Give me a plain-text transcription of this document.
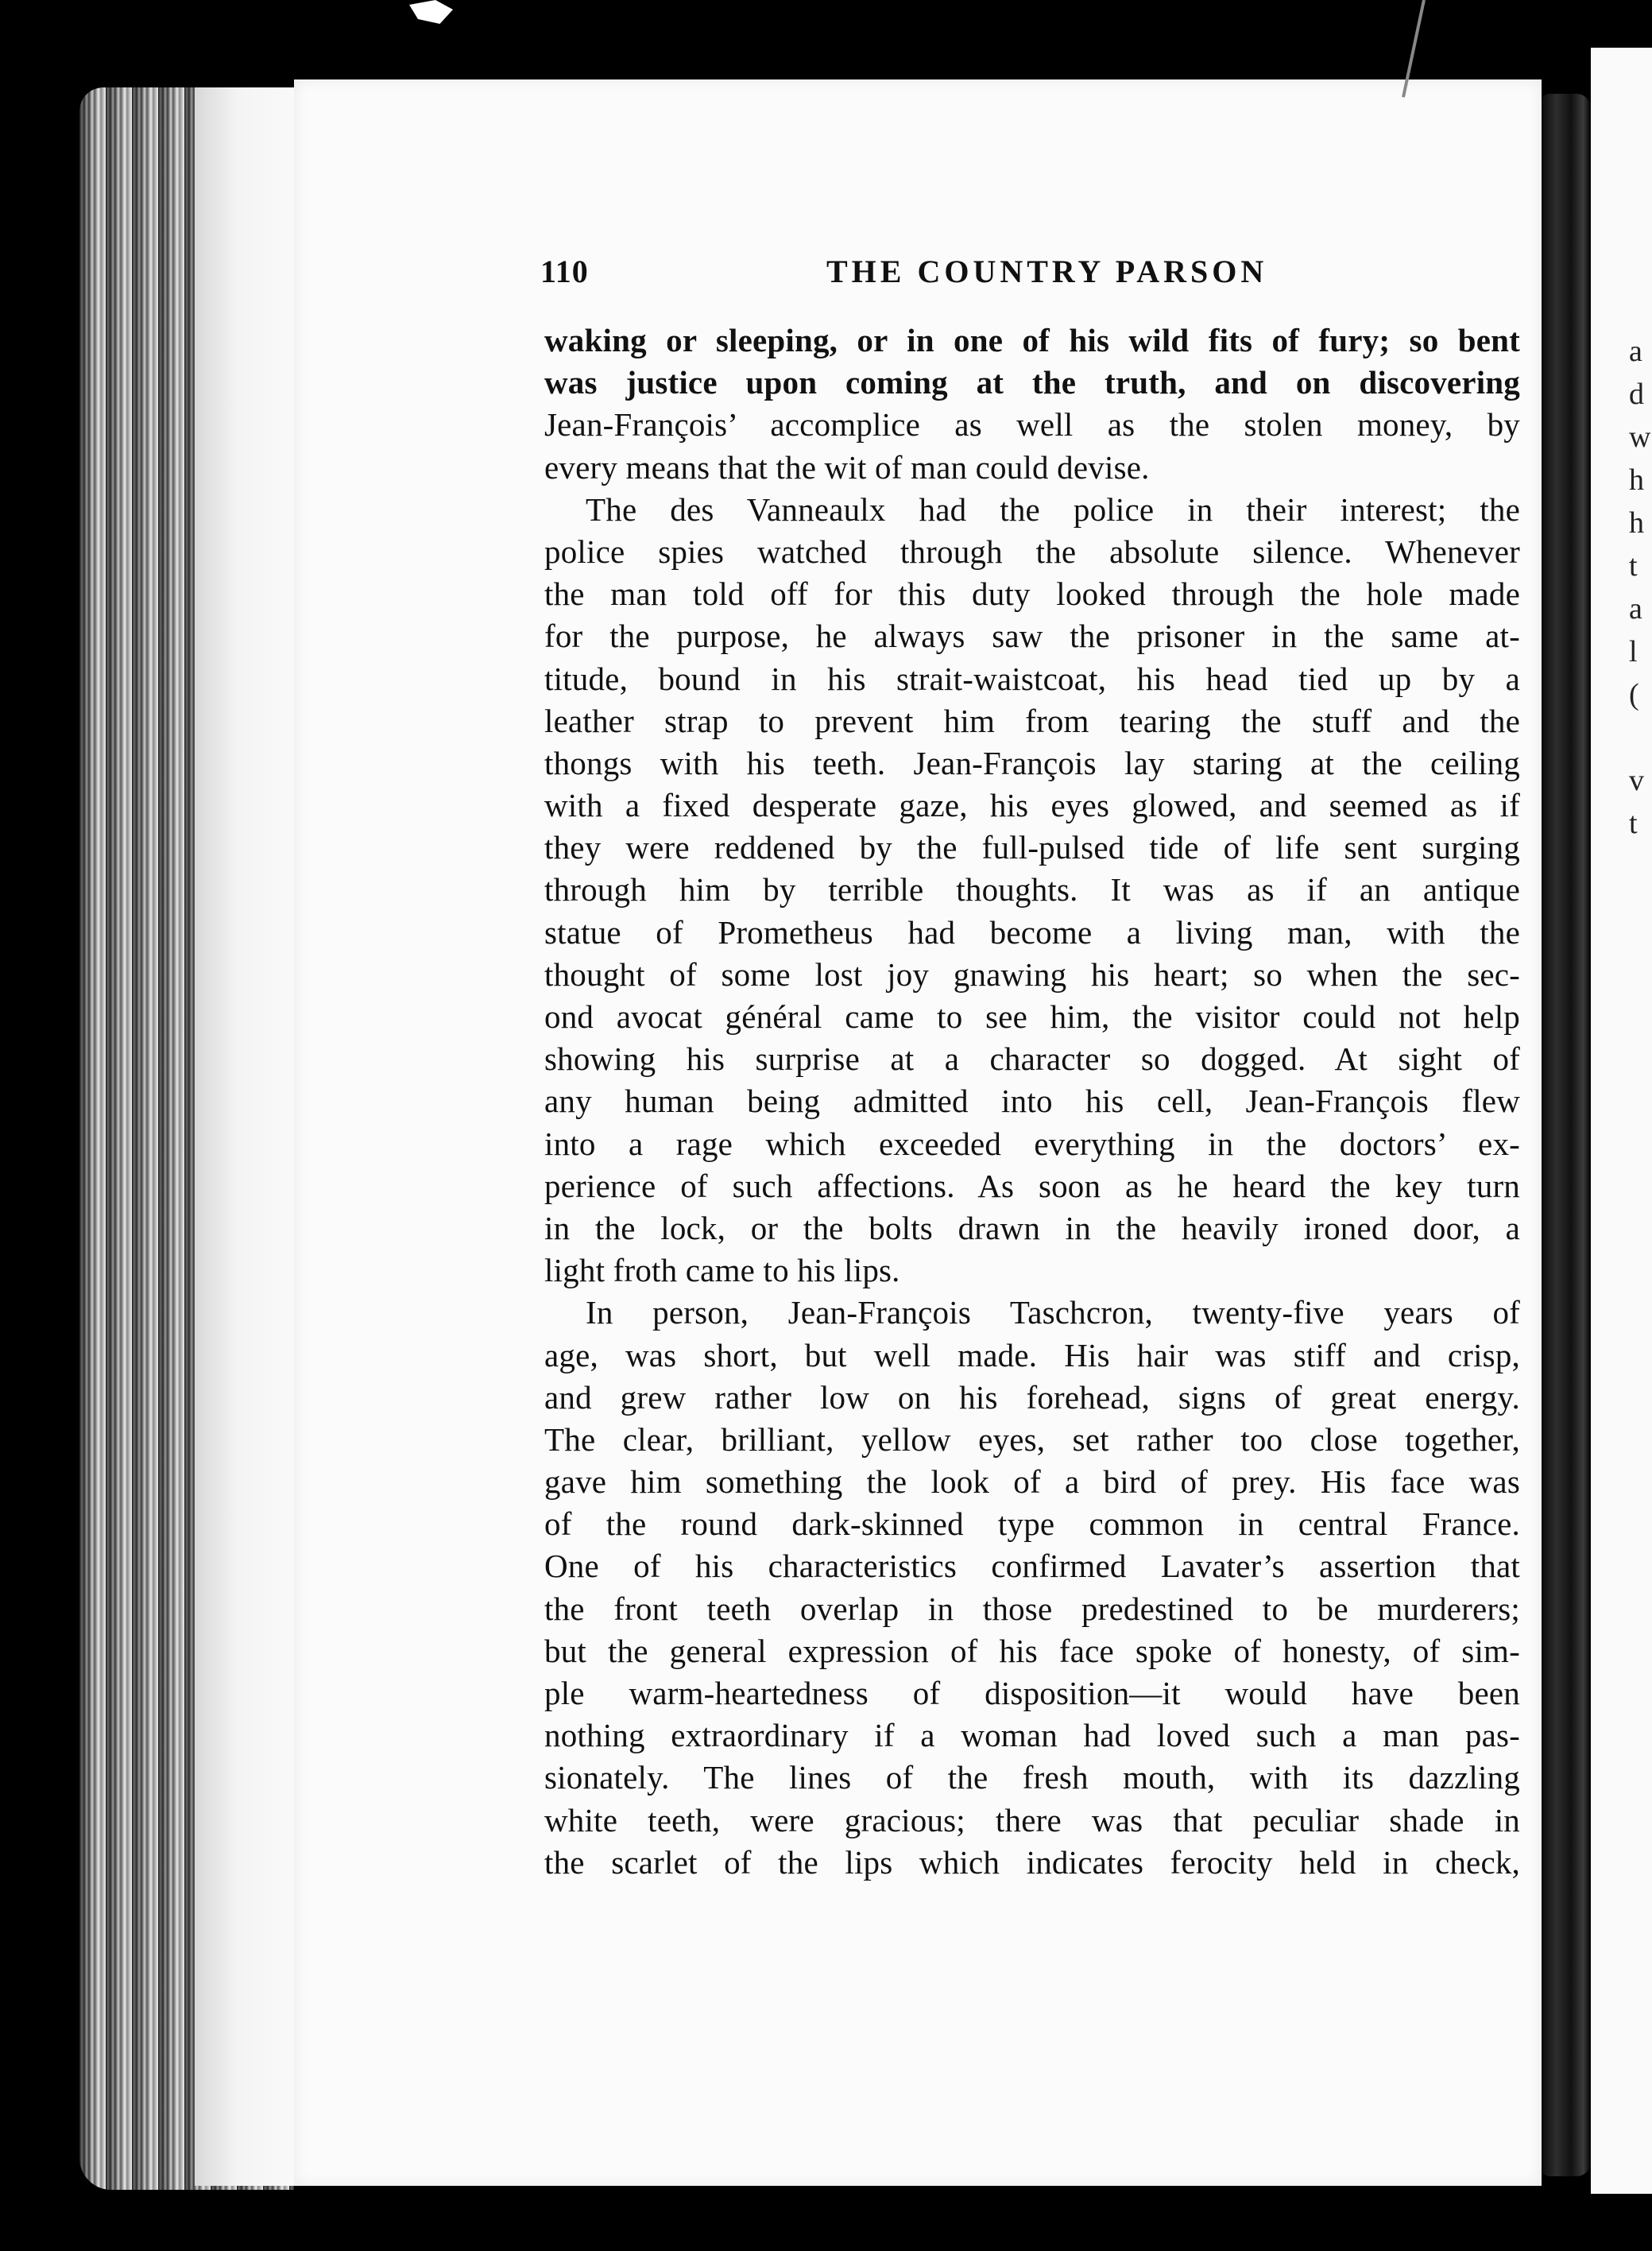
a
d
w
h
h
t
a
l
(

v
t
110	THE COUNTRY PARSON
waking or sleeping, or in one of his wild fits of fury; so bent
was justice upon coming at the truth, and on discovering
Jean-François’ accomplice as well as the stolen money, by
every means that the wit of man could devise.
The des Vanneaulx had the police in their interest; the
police spies watched through the absolute silence. Whenever
the man told off for this duty looked through the hole made
for the purpose, he always saw the prisoner in the same at-
titude, bound in his strait-waistcoat, his head tied up by a
leather strap to prevent him from tearing the stuff and the
thongs with his teeth. Jean-François lay staring at the ceiling
with a fixed desperate gaze, his eyes glowed, and seemed as if
they were reddened by the full-pulsed tide of life sent surging
through him by terrible thoughts. It was as if an antique
statue of Prometheus had become a living man, with the
thought of some lost joy gnawing his heart; so when the sec-
ond avocat général came to see him, the visitor could not help
showing his surprise at a character so dogged. At sight of
any human being admitted into his cell, Jean-François flew
into a rage which exceeded everything in the doctors’ ex-
perience of such affections. As soon as he heard the key turn
in the lock, or the bolts drawn in the heavily ironed door, a
light froth came to his lips.
In person, Jean-François Taschcron, twenty-five years of
age, was short, but well made. His hair was stiff and crisp,
and grew rather low on his forehead, signs of great energy.
The clear, brilliant, yellow eyes, set rather too close together,
gave him something the look of a bird of prey. His face was
of the round dark-skinned type common in central France.
One of his characteristics confirmed Lavater’s assertion that
the front teeth overlap in those predestined to be murderers;
but the general expression of his face spoke of honesty, of sim-
ple warm-heartedness of disposition—it would have been
nothing extraordinary if a woman had loved such a man pas-
sionately. The lines of the fresh mouth, with its dazzling
white teeth, were gracious; there was that peculiar shade in
the scarlet of the lips which indicates ferocity held in check,
